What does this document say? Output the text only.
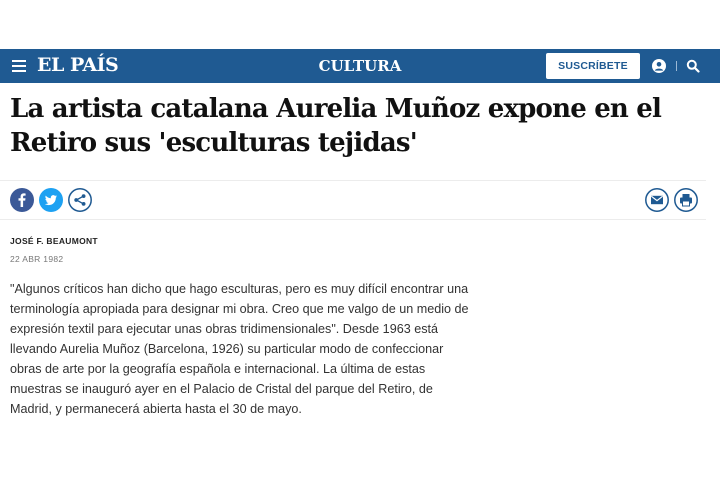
EL PAÍS	CULTURA	SUSCRÍBETE
La artista catalana Aurelia Muñoz expone en el Retiro sus 'esculturas tejidas'
JOSÉ F. BEAUMONT
22 ABR 1982

"Algunos críticos han dicho que hago esculturas, pero es muy difícil encontrar una terminología apropiada para designar mi obra. Creo que me valgo de un medio de expresión textil para ejecutar unas obras tridimensionales". Desde 1963 está llevando Aurelia Muñoz (Barcelona, 1926) su particular modo de confeccionar obras de arte por la geografía española e internacional. La última de estas muestras se inauguró ayer en el Palacio de Cristal del parque del Retiro, de Madrid, y permanecerá abierta hasta el 30 de mayo.
